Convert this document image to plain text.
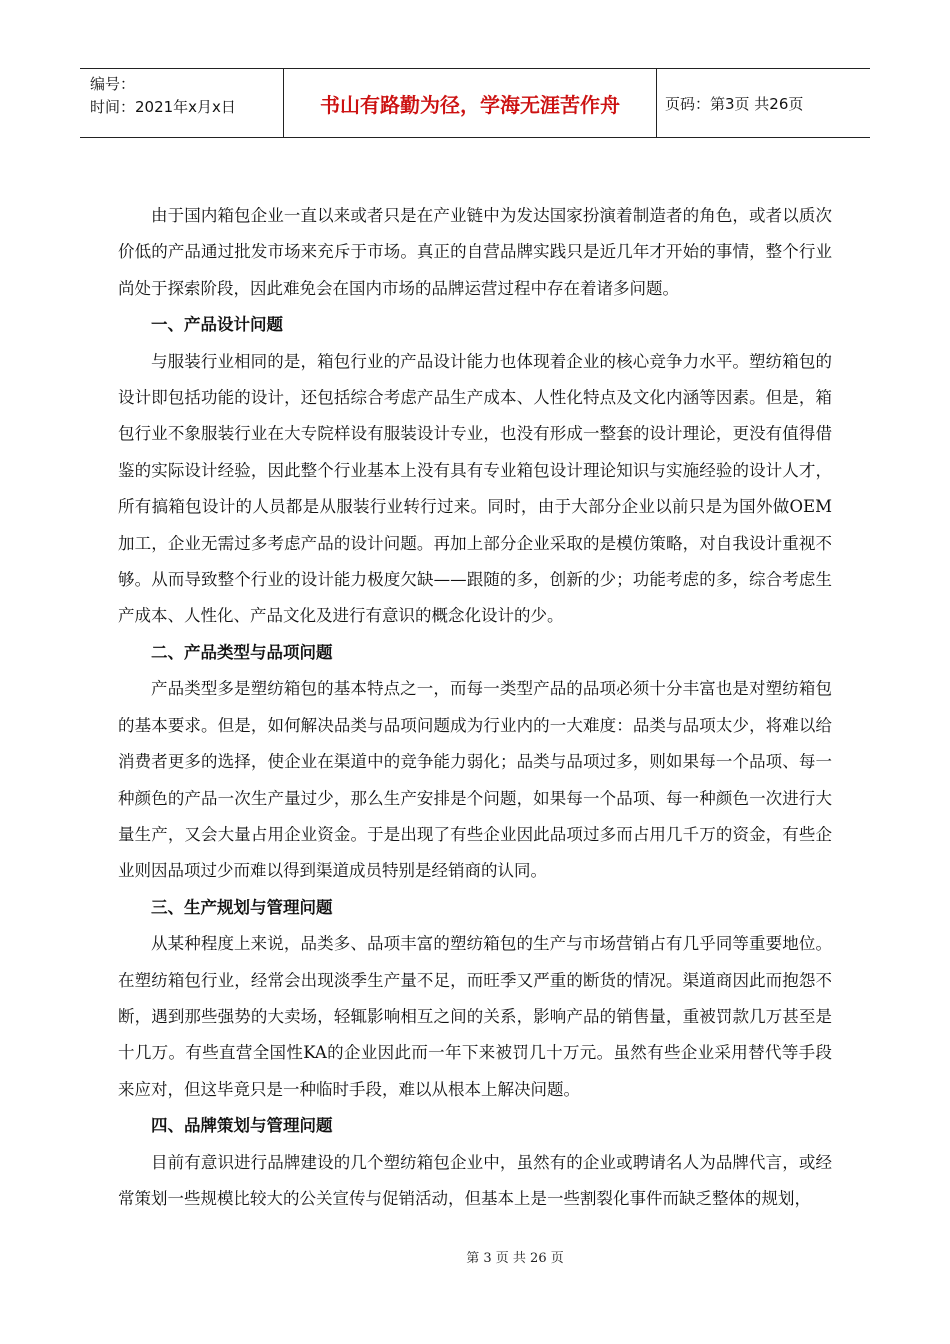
编号：
时间：2021年x月x日	书山有路勤为径，学海无涯苦作舟	页码：第3页 共26页

由于国内箱包企业一直以来或者只是在产业链中为发达国家扮演着制造者的角色，或者以质次价低的产品通过批发市场来充斥于市场。真正的自营品牌实践只是近几年才开始的事情，整个行业尚处于探索阶段，因此难免会在国内市场的品牌运营过程中存在着诸多问题。

一、产品设计问题

与服装行业相同的是，箱包行业的产品设计能力也体现着企业的核心竞争力水平。塑纺箱包的设计即包括功能的设计，还包括综合考虑产品生产成本、人性化特点及文化内涵等因素。但是，箱包行业不象服装行业在大专院样设有服装设计专业，也没有形成一整套的设计理论，更没有值得借鉴的实际设计经验，因此整个行业基本上没有具有专业箱包设计理论知识与实施经验的设计人才，所有搞箱包设计的人员都是从服装行业转行过来。同时，由于大部分企业以前只是为国外做OEM加工，企业无需过多考虑产品的设计问题。再加上部分企业采取的是模仿策略，对自我设计重视不够。从而导致整个行业的设计能力极度欠缺——跟随的多，创新的少；功能考虑的多，综合考虑生产成本、人性化、产品文化及进行有意识的概念化设计的少。

二、产品类型与品项问题

产品类型多是塑纺箱包的基本特点之一，而每一类型产品的品项必须十分丰富也是对塑纺箱包的基本要求。但是，如何解决品类与品项问题成为行业内的一大难度：品类与品项太少，将难以给消费者更多的选择，使企业在渠道中的竞争能力弱化；品类与品项过多，则如果每一个品项、每一种颜色的产品一次生产量过少，那么生产安排是个问题，如果每一个品项、每一种颜色一次进行大量生产，又会大量占用企业资金。于是出现了有些企业因此品项过多而占用几千万的资金，有些企业则因品项过少而难以得到渠道成员特别是经销商的认同。

三、生产规划与管理问题

从某种程度上来说，品类多、品项丰富的塑纺箱包的生产与市场营销占有几乎同等重要地位。在塑纺箱包行业，经常会出现淡季生产量不足，而旺季又严重的断货的情况。渠道商因此而抱怨不断，遇到那些强势的大卖场，轻辄影响相互之间的关系，影响产品的销售量，重被罚款几万甚至是十几万。有些直营全国性KA的企业因此而一年下来被罚几十万元。虽然有些企业采用替代等手段来应对，但这毕竟只是一种临时手段，难以从根本上解决问题。

四、品牌策划与管理问题

目前有意识进行品牌建设的几个塑纺箱包企业中，虽然有的企业或聘请名人为品牌代言，或经常策划一些规模比较大的公关宣传与促销活动，但基本上是一些割裂化事件而缺乏整体的规划，

第 3 页 共 26 页
